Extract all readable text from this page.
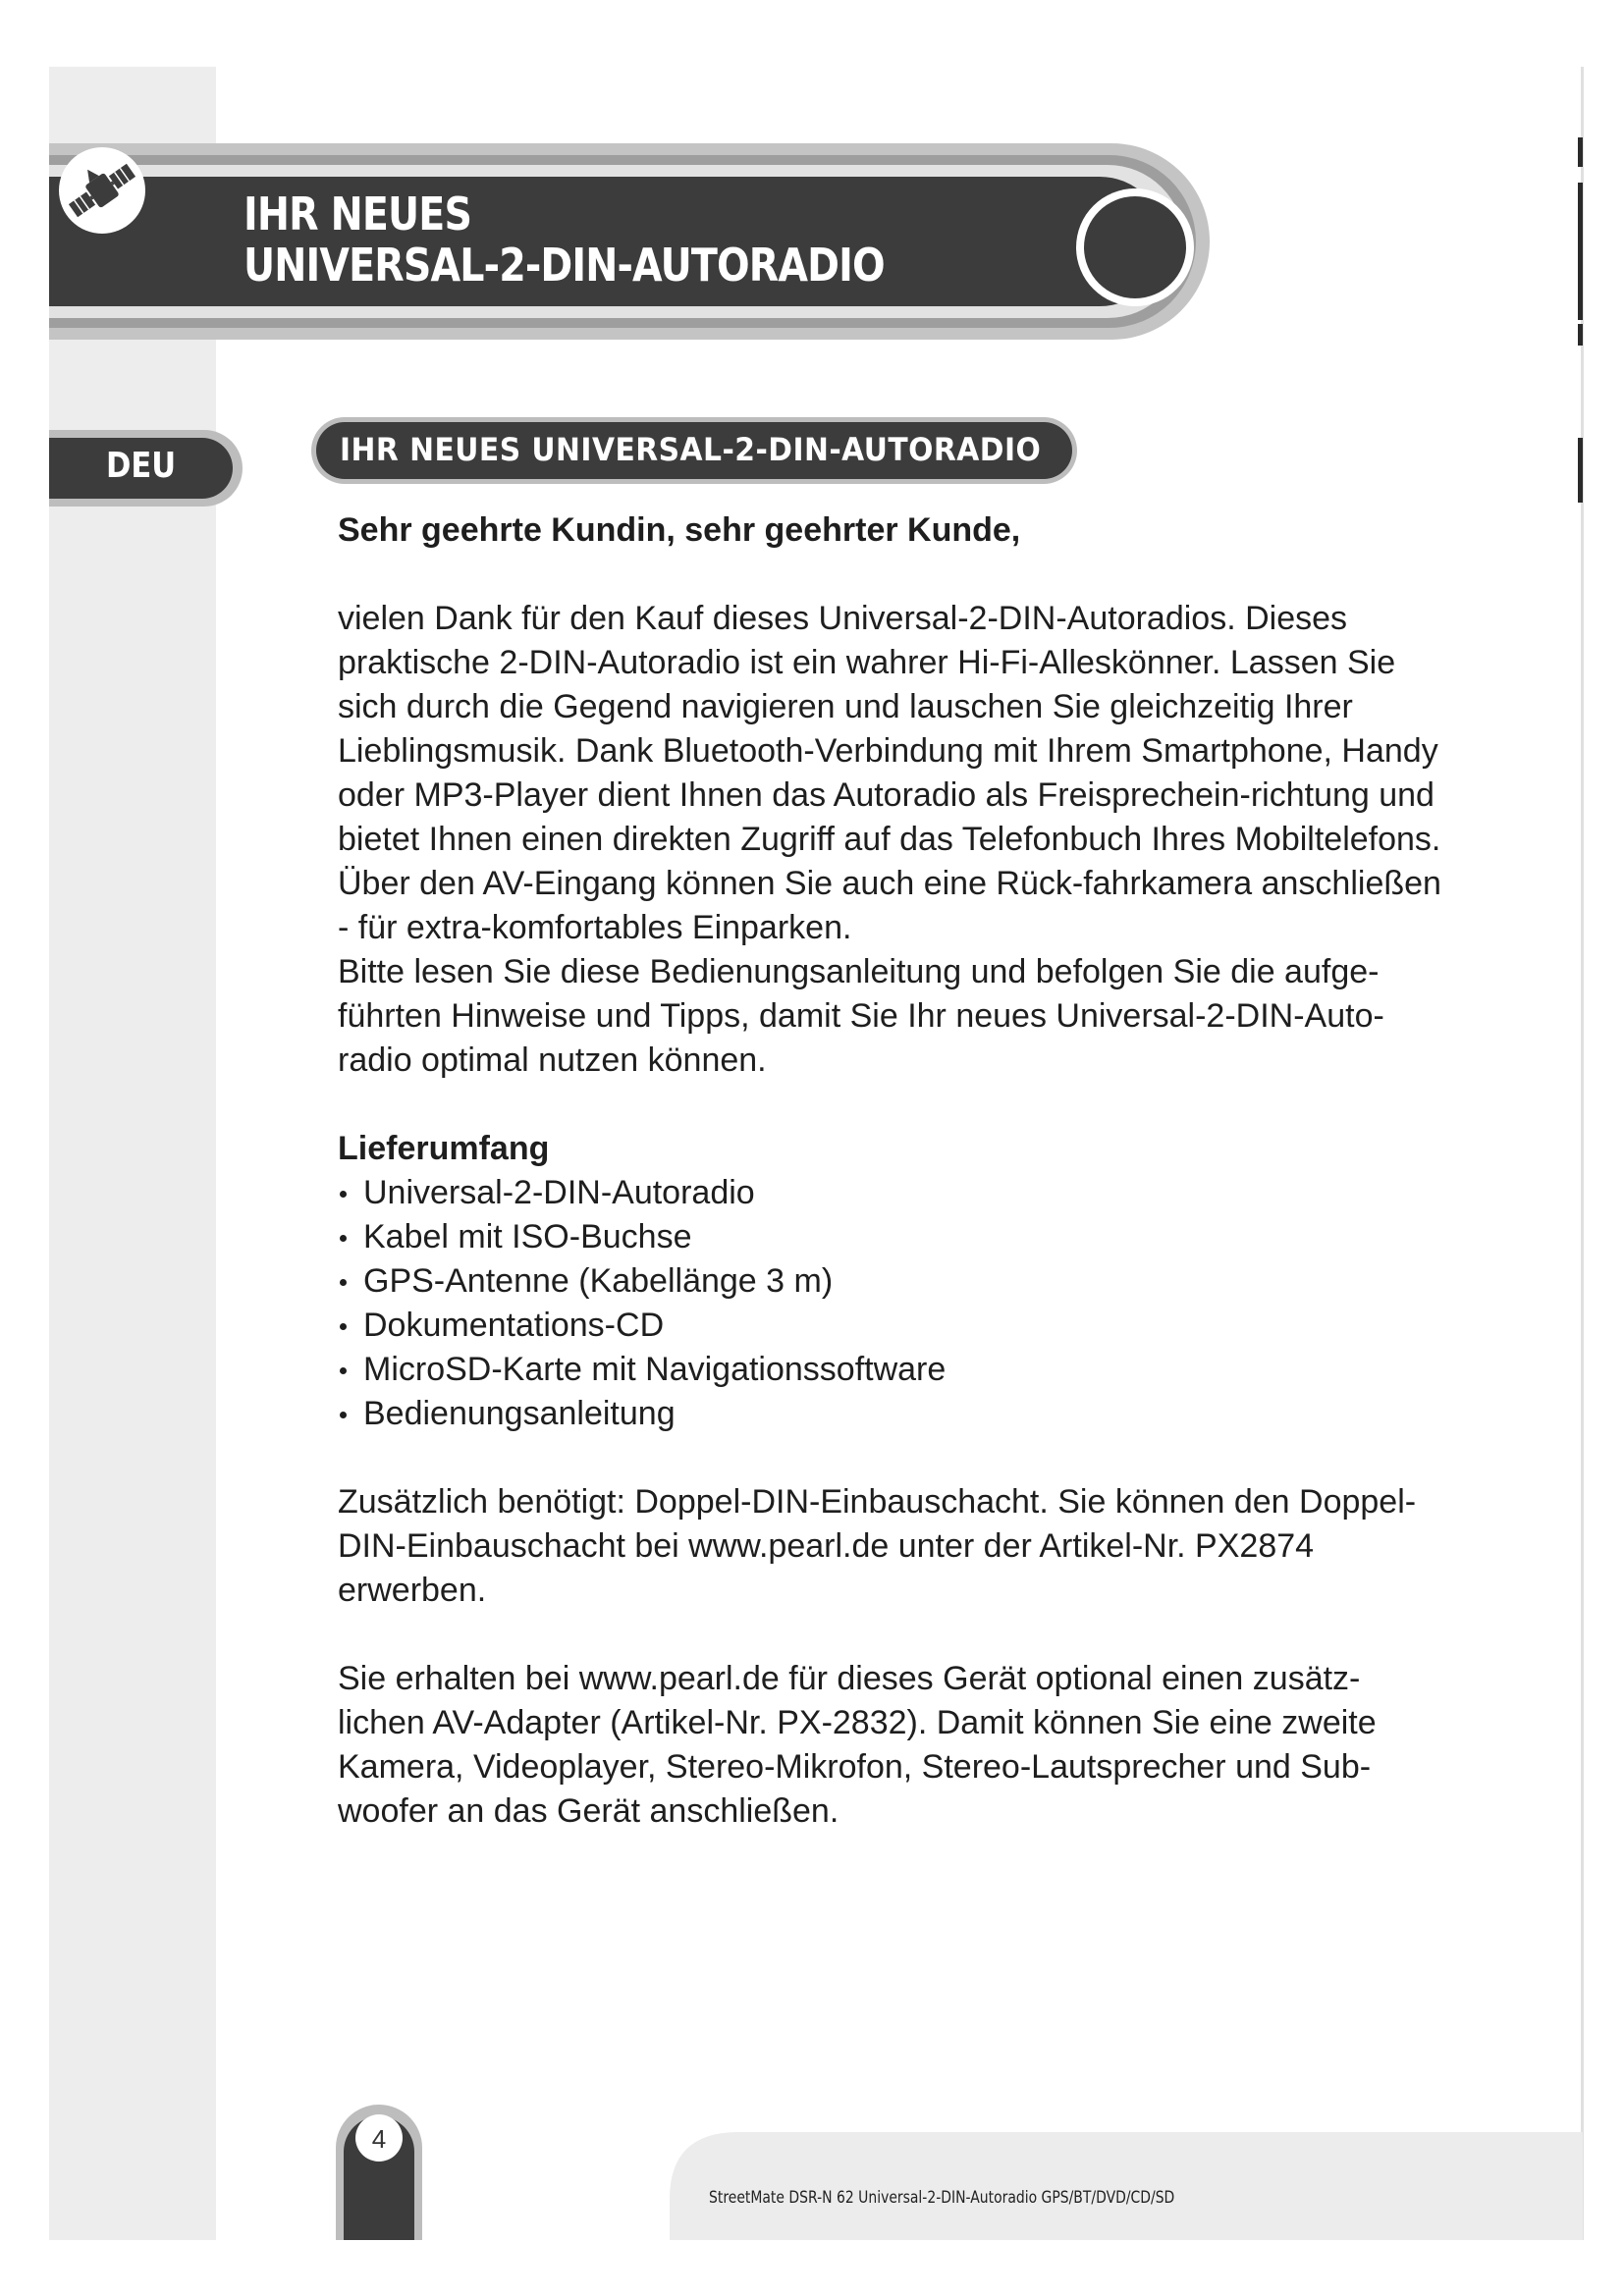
IHR NEUES
UNIVERSAL-2-DIN-AUTORADIO
DEU	IHR NEUES UNIVERSAL-2-DIN-AUTORADIO

Sehr geehrte Kundin, sehr geehrter Kunde,

vielen Dank für den Kauf dieses Universal-2-DIN-Autoradios. Dieses praktische 2-DIN-Autoradio ist ein wahrer Hi-Fi-Alleskönner. Lassen Sie sich durch die Gegend navigieren und lauschen Sie gleichzeitig Ihrer Lieblingsmusik. Dank Bluetooth-Verbindung mit Ihrem Smartphone, Handy oder MP3-Player dient Ihnen das Autoradio als Freisprechein-richtung und bietet Ihnen einen direkten Zugriff auf das Telefonbuch Ihres Mobiltelefons. Über den AV-Eingang können Sie auch eine Rück-fahrkamera anschließen - für extra-komfortables Einparken.

Bitte lesen Sie diese Bedienungsanleitung und befolgen Sie die aufge-führten Hinweise und Tipps, damit Sie Ihr neues Universal-2-DIN-Auto-radio optimal nutzen können.

Lieferumfang
Universal-2-DIN-Autoradio
Kabel mit ISO-Buchse
GPS-Antenne (Kabellänge 3 m)
Dokumentations-CD
MicroSD-Karte mit Navigationssoftware
Bedienungsanleitung

Zusätzlich benötigt: Doppel-DIN-Einbauschacht. Sie können den Doppel-DIN-Einbauschacht bei www.pearl.de unter der Artikel-Nr. PX2874 erwerben.

Sie erhalten bei www.pearl.de für dieses Gerät optional einen zusätz-lichen AV-Adapter (Artikel-Nr. PX-2832). Damit können Sie eine zweite Kamera, Videoplayer, Stereo-Mikrofon, Stereo-Lautsprecher und Sub-woofer an das Gerät anschließen.

4
StreetMate DSR-N 62 Universal-2-DIN-Autoradio GPS/BT/DVD/CD/SD
